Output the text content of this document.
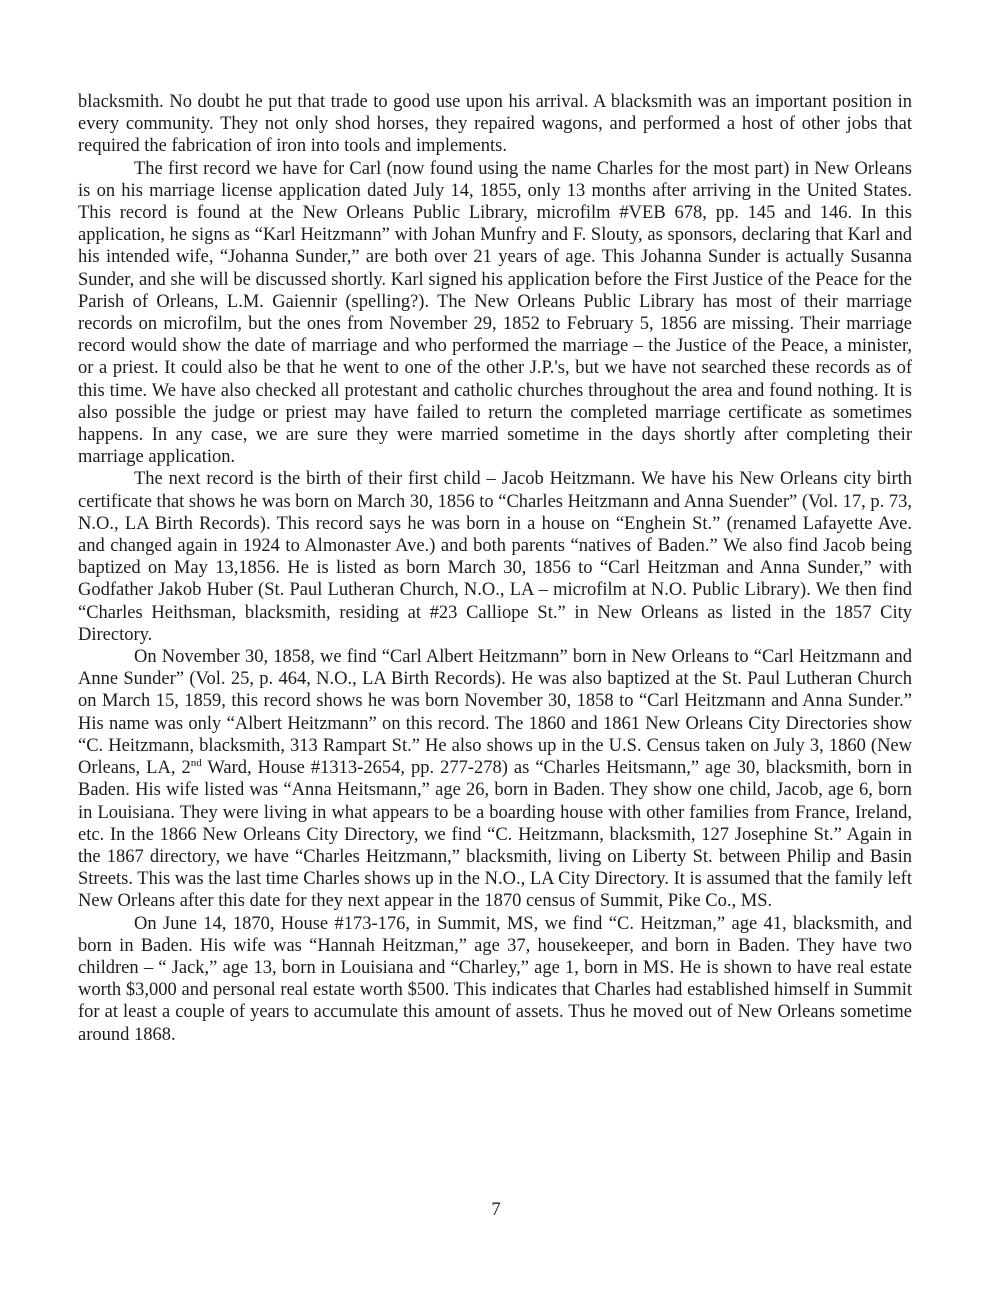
blacksmith. No doubt he put that trade to good use upon his arrival. A blacksmith was an important position in every community. They not only shod horses, they repaired wagons, and performed a host of other jobs that required the fabrication of iron into tools and implements.

The first record we have for Carl (now found using the name Charles for the most part) in New Orleans is on his marriage license application dated July 14, 1855, only 13 months after arriving in the United States. This record is found at the New Orleans Public Library, microfilm #VEB 678, pp. 145 and 146. In this application, he signs as “Karl Heitzmann” with Johan Munfry and F. Slouty, as sponsors, declaring that Karl and his intended wife, “Johanna Sunder,” are both over 21 years of age. This Johanna Sunder is actually Susanna Sunder, and she will be discussed shortly. Karl signed his application before the First Justice of the Peace for the Parish of Orleans, L.M. Gaiennir (spelling?). The New Orleans Public Library has most of their marriage records on microfilm, but the ones from November 29, 1852 to February 5, 1856 are missing. Their marriage record would show the date of marriage and who performed the marriage – the Justice of the Peace, a minister, or a priest. It could also be that he went to one of the other J.P.'s, but we have not searched these records as of this time. We have also checked all protestant and catholic churches throughout the area and found nothing. It is also possible the judge or priest may have failed to return the completed marriage certificate as sometimes happens. In any case, we are sure they were married sometime in the days shortly after completing their marriage application.

The next record is the birth of their first child – Jacob Heitzmann. We have his New Orleans city birth certificate that shows he was born on March 30, 1856 to “Charles Heitzmann and Anna Suender” (Vol. 17, p. 73, N.O., LA Birth Records). This record says he was born in a house on “Enghein St.” (renamed Lafayette Ave. and changed again in 1924 to Almonaster Ave.) and both parents “natives of Baden.” We also find Jacob being baptized on May 13,1856. He is listed as born March 30, 1856 to “Carl Heitzman and Anna Sunder,” with Godfather Jakob Huber (St. Paul Lutheran Church, N.O., LA – microfilm at N.O. Public Library). We then find “Charles Heithsman, blacksmith, residing at #23 Calliope St.” in New Orleans as listed in the 1857 City Directory.

On November 30, 1858, we find “Carl Albert Heitzmann” born in New Orleans to “Carl Heitzmann and Anne Sunder” (Vol. 25, p. 464, N.O., LA Birth Records). He was also baptized at the St. Paul Lutheran Church on March 15, 1859, this record shows he was born November 30, 1858 to “Carl Heitzmann and Anna Sunder.” His name was only “Albert Heitzmann” on this record. The 1860 and 1861 New Orleans City Directories show “C. Heitzmann, blacksmith, 313 Rampart St.” He also shows up in the U.S. Census taken on July 3, 1860 (New Orleans, LA, 2nd Ward, House #1313-2654, pp. 277-278) as “Charles Heitsmann,” age 30, blacksmith, born in Baden. His wife listed was “Anna Heitsmann,” age 26, born in Baden. They show one child, Jacob, age 6, born in Louisiana. They were living in what appears to be a boarding house with other families from France, Ireland, etc. In the 1866 New Orleans City Directory, we find “C. Heitzmann, blacksmith, 127 Josephine St.” Again in the 1867 directory, we have “Charles Heitzmann,” blacksmith, living on Liberty St. between Philip and Basin Streets. This was the last time Charles shows up in the N.O., LA City Directory. It is assumed that the family left New Orleans after this date for they next appear in the 1870 census of Summit, Pike Co., MS.

On June 14, 1870, House #173-176, in Summit, MS, we find “C. Heitzman,” age 41, blacksmith, and born in Baden. His wife was “Hannah Heitzman,” age 37, housekeeper, and born in Baden. They have two children – “ Jack,” age 13, born in Louisiana and “Charley,” age 1, born in MS. He is shown to have real estate worth $3,000 and personal real estate worth $500. This indicates that Charles had established himself in Summit for at least a couple of years to accumulate this amount of assets. Thus he moved out of New Orleans sometime around 1868.

7
